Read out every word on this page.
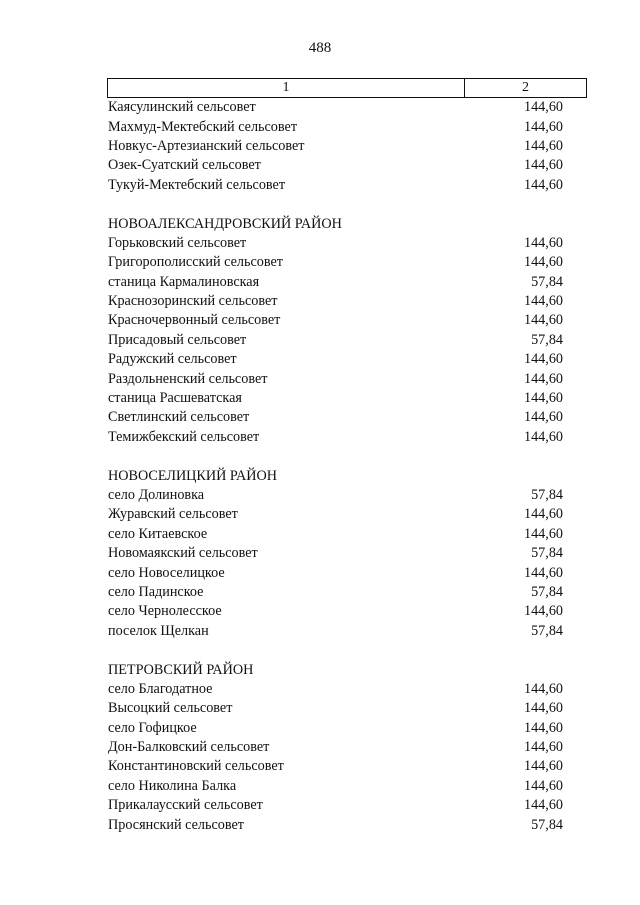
488
1	2
Каясулинский сельсовет	144,60
Махмуд-Мектебский сельсовет	144,60
Новкус-Артезианский сельсовет	144,60
Озек-Суатский сельсовет	144,60
Тукуй-Мектебский сельсовет	144,60
НОВОАЛЕКСАНДРОВСКИЙ РАЙОН
Горьковский сельсовет	144,60
Григорополисский сельсовет	144,60
станица Кармалиновская	57,84
Краснозоринский сельсовет	144,60
Красночервонный сельсовет	144,60
Присадовый сельсовет	57,84
Радужский сельсовет	144,60
Раздольненский сельсовет	144,60
станица Расшеватская	144,60
Светлинский сельсовет	144,60
Темижбекский сельсовет	144,60
НОВОСЕЛИЦКИЙ РАЙОН
село Долиновка	57,84
Журавский сельсовет	144,60
село Китаевское	144,60
Новомаякский сельсовет	57,84
село Новоселицкое	144,60
село Падинское	57,84
село Чернолесское	144,60
поселок Щелкан	57,84
ПЕТРОВСКИЙ РАЙОН
село Благодатное	144,60
Высоцкий сельсовет	144,60
село Гофицкое	144,60
Дон-Балковский сельсовет	144,60
Константиновский сельсовет	144,60
село Николина Балка	144,60
Прикалаусский сельсовет	144,60
Просянский сельсовет	57,84
